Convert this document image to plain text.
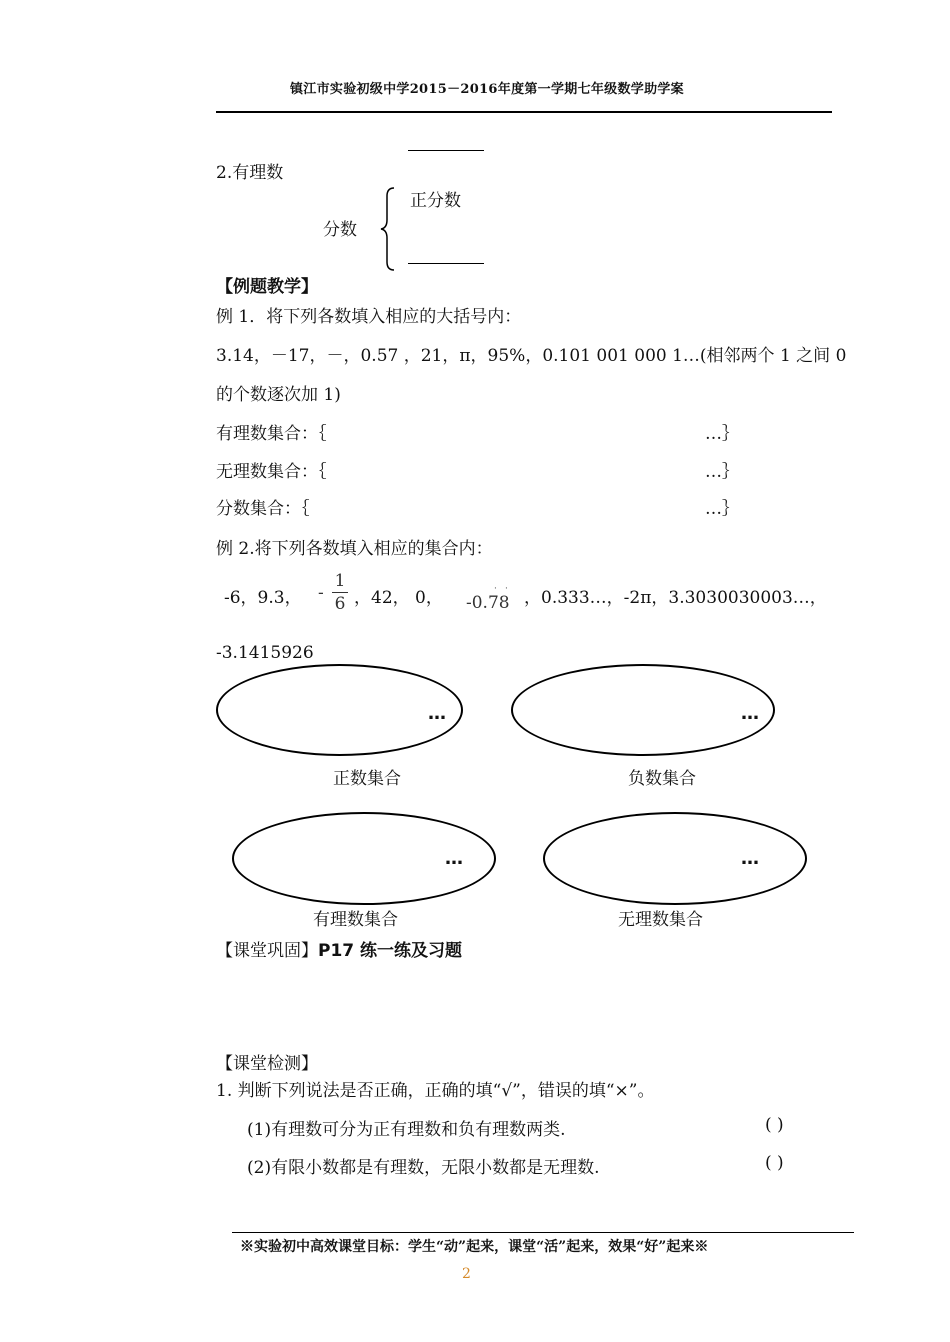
镇江市实验初级中学2015－2016年度第一学期七年级数学助学案
2.有理数
分数
正分数
【例题教学】
例 1．将下列各数填入相应的大括号内：
3.14，－17，－，0.57 ，21，π，95%，0.101 001 000 1…(相邻两个 1 之间 0
的个数逐次加 1)
有理数集合：｛	…｝
无理数集合：｛	…｝
分数集合：｛	…｝
例 2.将下列各数填入相应的集合内：
-6，9.3， -
1
6 ，42， 0，	· ·
-0.78 ，0.333…，-2π，3.3030030003…，
-3.1415926
…
正数集合
…
负数集合
…
有理数集合
…
无理数集合
【课堂巩固】P17 练一练及习题
【课堂检测】
1. 判断下列说法是否正确，正确的填“√”，错误的填“×”。
(1)有理数可分为正有理数和负有理数两类.	( )
(2)有限小数都是有理数，无限小数都是无理数.	( )
※实验初中高效课堂目标：学生“动”起来，课堂“活”起来，效果“好”起来※
2
